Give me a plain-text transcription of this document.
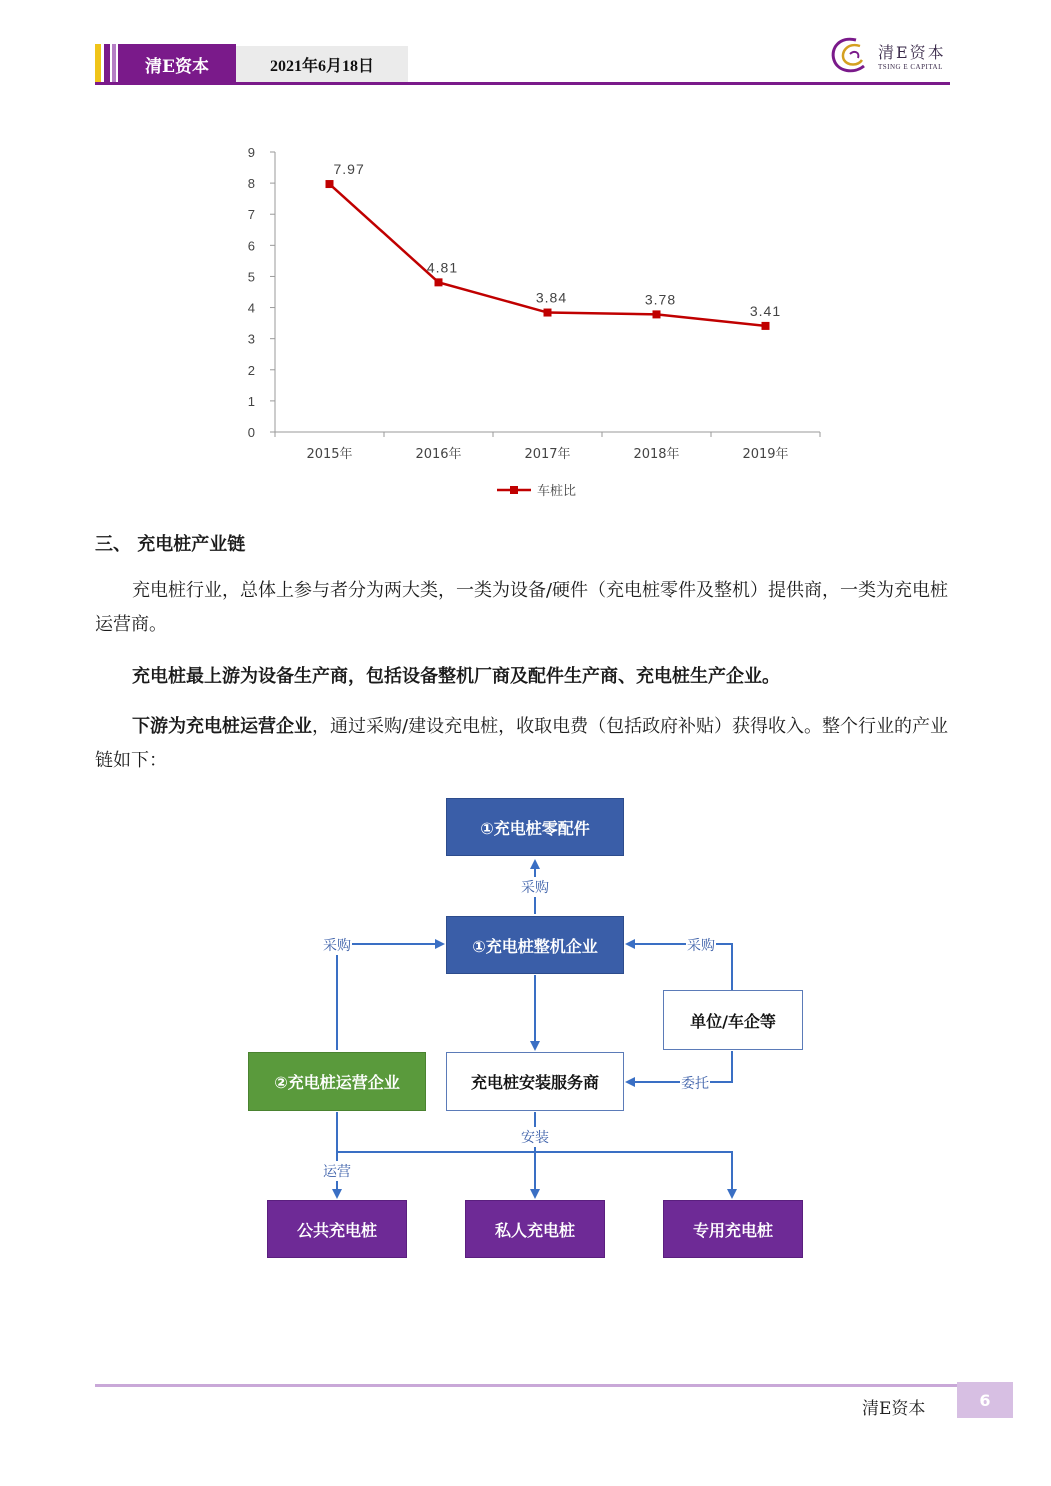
清E资本	2021年6月18日
清E资本
TSING E CAPITAL
0
1
2
3
4
5
6
7
8
9
2015年	2016年	2017年	2018年	2019年
7.97
4.81
3.84	3.78
3.41
车桩比
三、 充电桩产业链
充电桩行业，总体上参与者分为两大类，一类为设备/硬件（充电桩零件及整机）提供商，一类为充电桩运营商。
充电桩最上游为设备生产商，包括设备整机厂商及配件生产商、充电桩生产企业。
下游为充电桩运营企业，通过采购/建设充电桩，收取电费（包括政府补贴）获得收入。整个行业的产业链如下：
①充电桩零配件
①充电桩整机企业
单位/车企等
②充电桩运营企业	充电桩安装服务商
公共充电桩	私人充电桩	专用充电桩
采购
采购	采购
委托
安装
运营
清E资本	6
